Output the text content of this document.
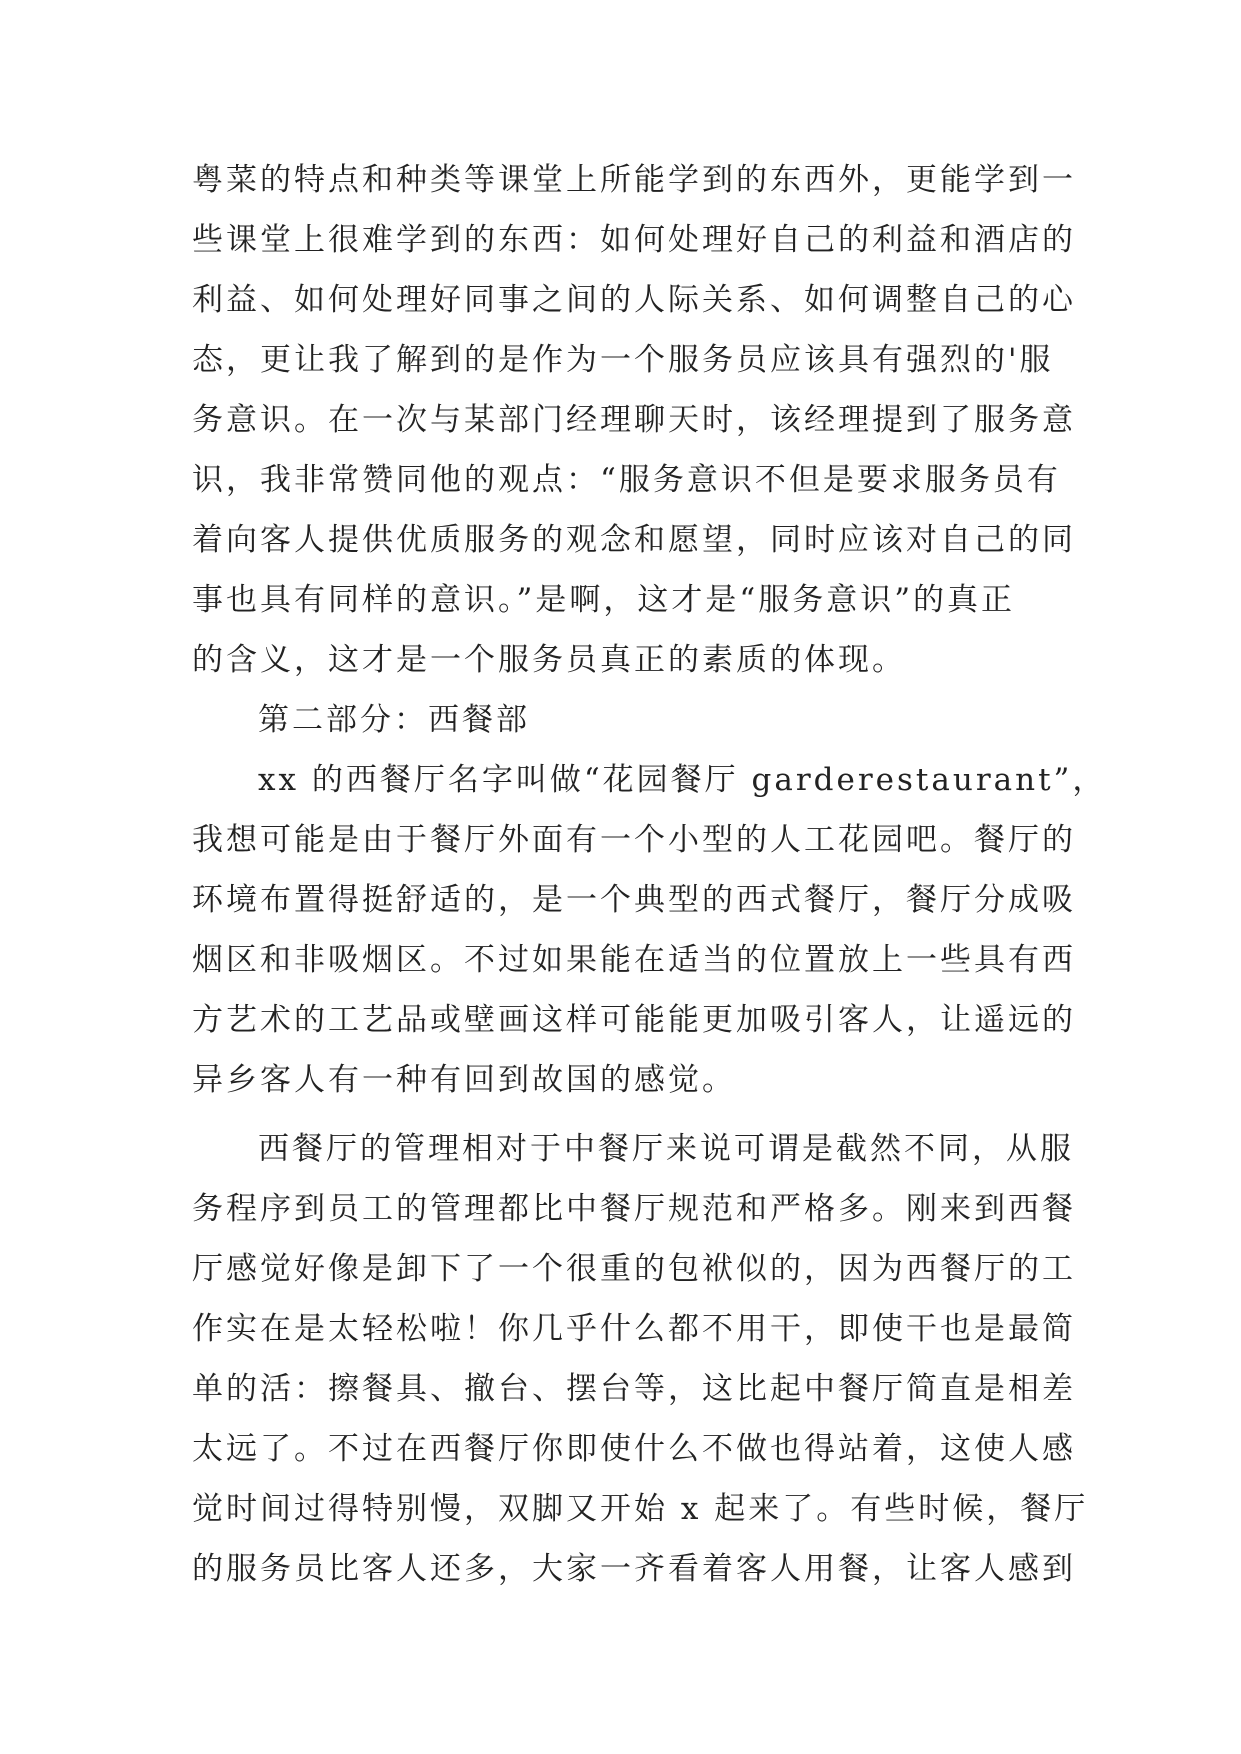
粤菜的特点和种类等课堂上所能学到的东西外，更能学到一
些课堂上很难学到的东西：如何处理好自己的利益和酒店的
利益、如何处理好同事之间的人际关系、如何调整自己的心
态，更让我了解到的是作为一个服务员应该具有强烈的'服
务意识。在一次与某部门经理聊天时，该经理提到了服务意
识，我非常赞同他的观点：“服务意识不但是要求服务员有
着向客人提供优质服务的观念和愿望，同时应该对自己的同
事也具有同样的意识。”是啊，这才是“服务意识”的真正
的含义，这才是一个服务员真正的素质的体现。
第二部分：西餐部
xx 的西餐厅名字叫做“花园餐厅 garderestaurant”，
我想可能是由于餐厅外面有一个小型的人工花园吧。餐厅的
环境布置得挺舒适的，是一个典型的西式餐厅，餐厅分成吸
烟区和非吸烟区。不过如果能在适当的位置放上一些具有西
方艺术的工艺品或壁画这样可能能更加吸引客人，让遥远的
异乡客人有一种有回到故国的感觉。
西餐厅的管理相对于中餐厅来说可谓是截然不同，从服
务程序到员工的管理都比中餐厅规范和严格多。刚来到西餐
厅感觉好像是卸下了一个很重的包袱似的，因为西餐厅的工
作实在是太轻松啦！你几乎什么都不用干，即使干也是最简
单的活：擦餐具、撤台、摆台等，这比起中餐厅简直是相差
太远了。不过在西餐厅你即使什么不做也得站着，这使人感
觉时间过得特别慢，双脚又开始 x 起来了。有些时候，餐厅
的服务员比客人还多，大家一齐看着客人用餐，让客人感到
